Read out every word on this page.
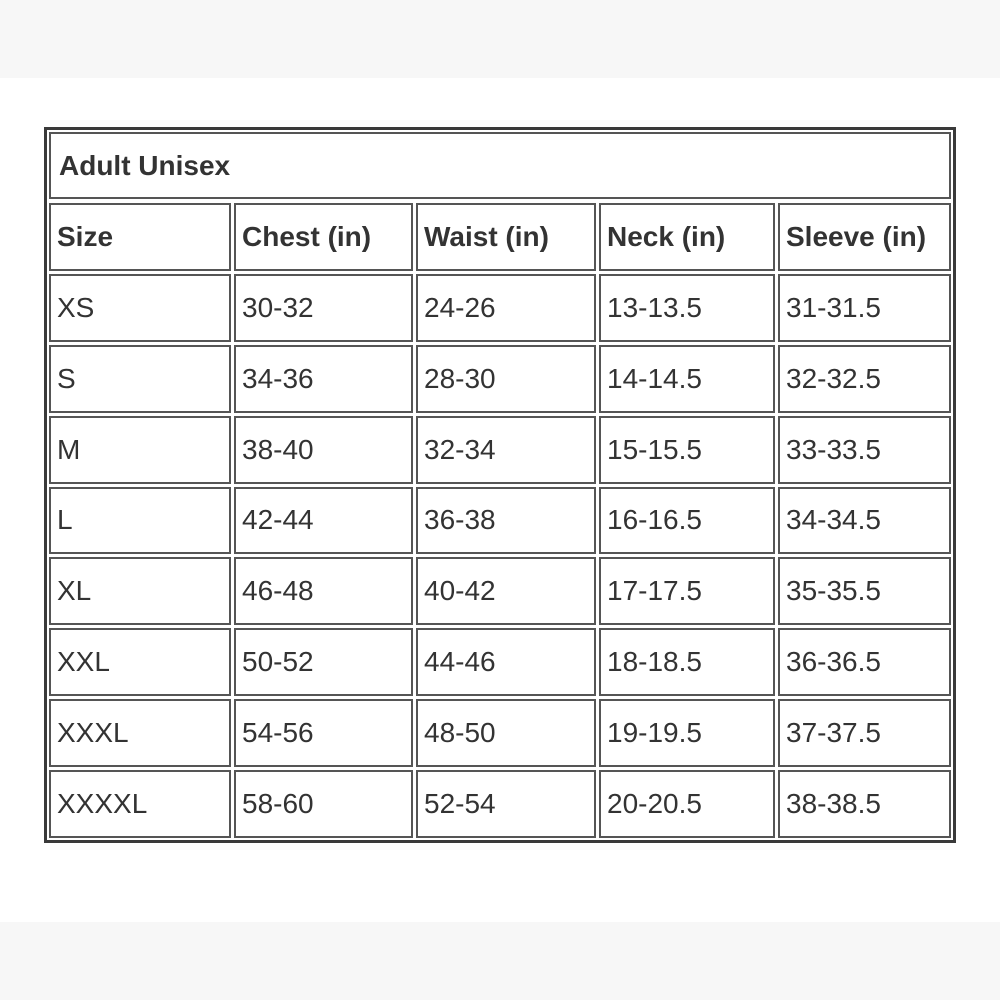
Adult Unisex
Size	Chest (in)	Waist (in)	Neck (in)	Sleeve (in)
XS	30-32	24-26	13-13.5	31-31.5
S	34-36	28-30	14-14.5	32-32.5
M	38-40	32-34	15-15.5	33-33.5
L	42-44	36-38	16-16.5	34-34.5
XL	46-48	40-42	17-17.5	35-35.5
XXL	50-52	44-46	18-18.5	36-36.5
XXXL	54-56	48-50	19-19.5	37-37.5
XXXXL	58-60	52-54	20-20.5	38-38.5
